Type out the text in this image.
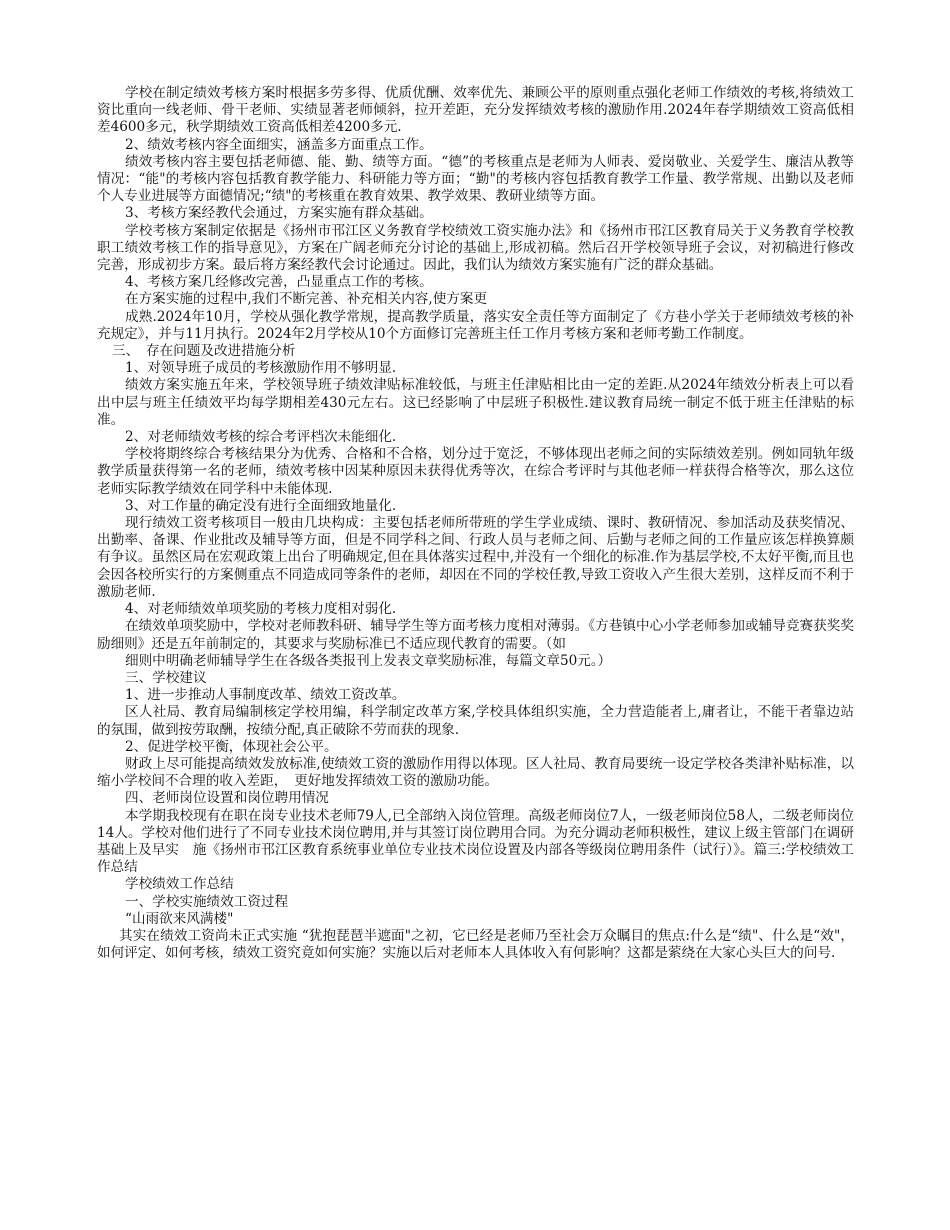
学校在制定绩效考核方案时根据多劳多得、优质优酬、效率优先、兼顾公平的原则重点强化老师工作绩效的考核,将绩效工资比重向一线老师、骨干老师、实绩显著老师倾斜，拉开差距，充分发挥绩效考核的激励作用.2024年春学期绩效工资高低相差4600多元，秋学期绩效工资高低相差4200多元.

2、绩效考核内容全面细实，涵盖多方面重点工作。

绩效考核内容主要包括老师德、能、勤、绩等方面。“德”的考核重点是老师为人师表、爱岗敬业、关爱学生、廉洁从教等情况：“能"的考核内容包括教育教学能力、科研能力等方面；“勤"的考核内容包括教育教学工作量、教学常规、出勤以及老师个人专业进展等方面德情况;“绩"的考核重在教育效果、教学效果、教研业绩等方面。

3、考核方案经教代会通过，方案实施有群众基础。

学校考核方案制定依据是《扬州市邗江区义务教育学校绩效工资实施办法》和《扬州市邗江区教育局关于义务教育学校教职工绩效考核工作的指导意见》，方案在广阔老师充分讨论的基础上,形成初稿。然后召开学校领导班子会议，对初稿进行修改完善，形成初步方案。最后将方案经教代会讨论通过。因此，我们认为绩效方案实施有广泛的群众基础。

4、考核方案几经修改完善，凸显重点工作的考核。

在方案实施的过程中,我们不断完善、补充相关内容,使方案更

成熟.2024年10月，学校从强化教学常规，提高教学质量，落实安全责任等方面制定了《方巷小学关于老师绩效考核的补充规定》，并与11月执行。2024年2月学校从10个方面修订完善班主任工作月考核方案和老师考勤工作制度。

三、　存在问题及改进措施分析

1、对领导班子成员的考核激励作用不够明显.

绩效方案实施五年来，学校领导班子绩效津贴标准较低，与班主任津贴相比由一定的差距.从2024年绩效分析表上可以看出中层与班主任绩效平均每学期相差430元左右。这已经影响了中层班子积极性.建议教育局统一制定不低于班主任津贴的标准。

2、对老师绩效考核的综合考评档次未能细化.

学校将期终综合考核结果分为优秀、合格和不合格，划分过于宽泛，不够体现出老师之间的实际绩效差别。例如同轨年级教学质量获得第一名的老师，绩效考核中因某种原因未获得优秀等次，在综合考评时与其他老师一样获得合格等次，那么这位老师实际教学绩效在同学科中未能体现.

3、对工作量的确定没有进行全面细致地量化.

现行绩效工资考核项目一般由几块构成：主要包括老师所带班的学生学业成绩、课时、教研情况、参加活动及获奖情况、出勤率、备课、作业批改及辅导等方面，但是不同学科之间、行政人员与老师之间、后勤与老师之间的工作量应该怎样换算颇有争议。虽然区局在宏观政策上出台了明确规定,但在具体落实过程中,并没有一个细化的标准.作为基层学校,不太好平衡,而且也会因各校所实行的方案侧重点不同造成同等条件的老师，却因在不同的学校任教,导致工资收入产生很大差别，这样反而不利于激励老师.

4、对老师绩效单项奖励的考核力度相对弱化.

在绩效单项奖励中，学校对老师教科研、辅导学生等方面考核力度相对薄弱。《方巷镇中心小学老师参加或辅导竞赛获奖奖励细则》还是五年前制定的，其要求与奖励标准已不适应现代教育的需要。（如

细则中明确老师辅导学生在各级各类报刊上发表文章奖励标准，每篇文章50元。）

三、学校建议

1、进一步推动人事制度改革、绩效工资改革。

区人社局、教育局编制核定学校用编，科学制定改革方案,学校具体组织实施，全力营造能者上,庸者让，不能干者靠边站的氛围，做到按劳取酬，按绩分配,真正破除不劳而获的现象.

2、促进学校平衡，体现社会公平。

财政上尽可能提高绩效发放标准,使绩效工资的激励作用得以体现。区人社局、教育局要统一设定学校各类津补贴标准，以缩小学校间不合理的收入差距，　更好地发挥绩效工资的激励功能。

四、老师岗位设置和岗位聘用情况

本学期我校现有在职在岗专业技术老师79人,已全部纳入岗位管理。高级老师岗位7人，一级老师岗位58人，二级老师岗位14人。学校对他们进行了不同专业技术岗位聘用,并与其签订岗位聘用合同。为充分调动老师积极性，建议上级主管部门在调研基础上及早实　施《扬州市邗江区教育系统事业单位专业技术岗位设置及内部各等级岗位聘用条件（试行）》。篇三:学校绩效工作总结

学校绩效工作总结

一、学校实施绩效工资过程

“山雨欲来风满楼"

其实在绩效工资尚未正式实施 “犹抱琵琶半遮面"之初，它已经是老师乃至社会万众瞩目的焦点:什么是“绩"、什么是“效"，如何评定、如何考核，绩效工资究竟如何实施？实施以后对老师本人具体收入有何影响？这都是萦绕在大家心头巨大的问号.
